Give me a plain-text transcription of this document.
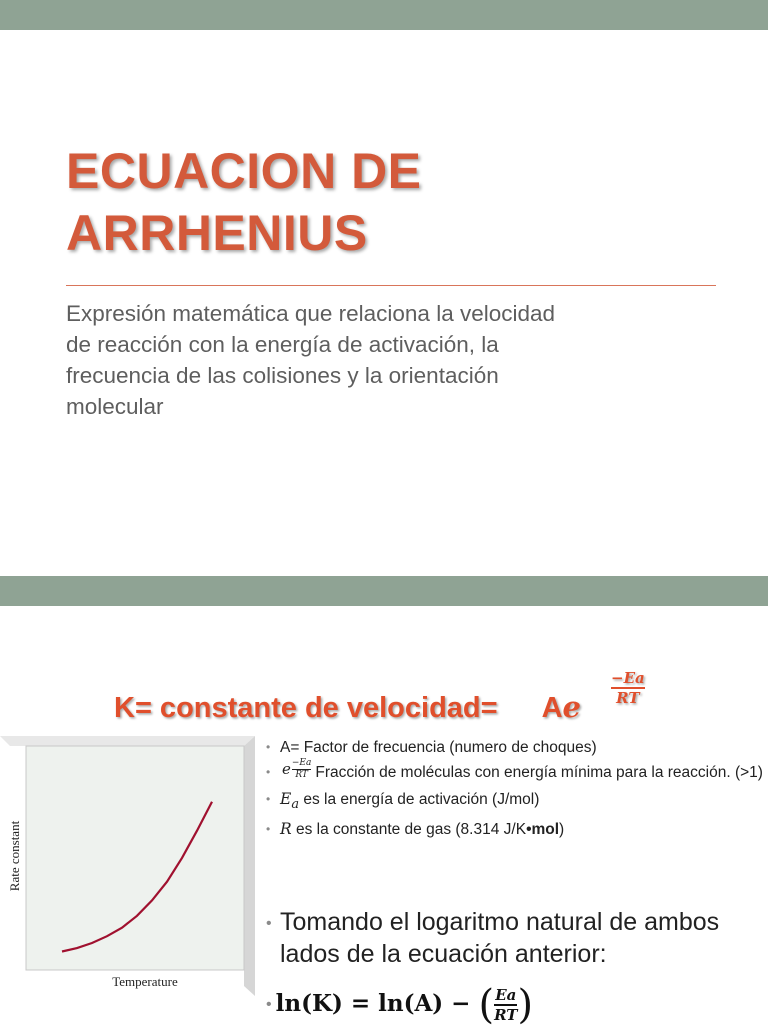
ECUACION DE
ARRHENIUS

Expresión matemática que relaciona la velocidad de reacción con la energía de activación, la frecuencia de las colisiones y la orientación molecular

K= constante de velocidad= Ae
−Ea
RT
Rate constant
Temperature
• A= Factor de frecuencia (numero de choques)
• $e\frac{-Ea}{RT}$ Fracción de moléculas con energía mínima para la reacción. (>1)
• $E_a$ es la energía de activación (J/mol)
• R es la constante de gas (8.314 J/K•mol)
• Tomando el logaritmo natural de ambos lados de la ecuación anterior:
• $\ln(K) = \ln(A) - (\frac{Ea}{RT})$
